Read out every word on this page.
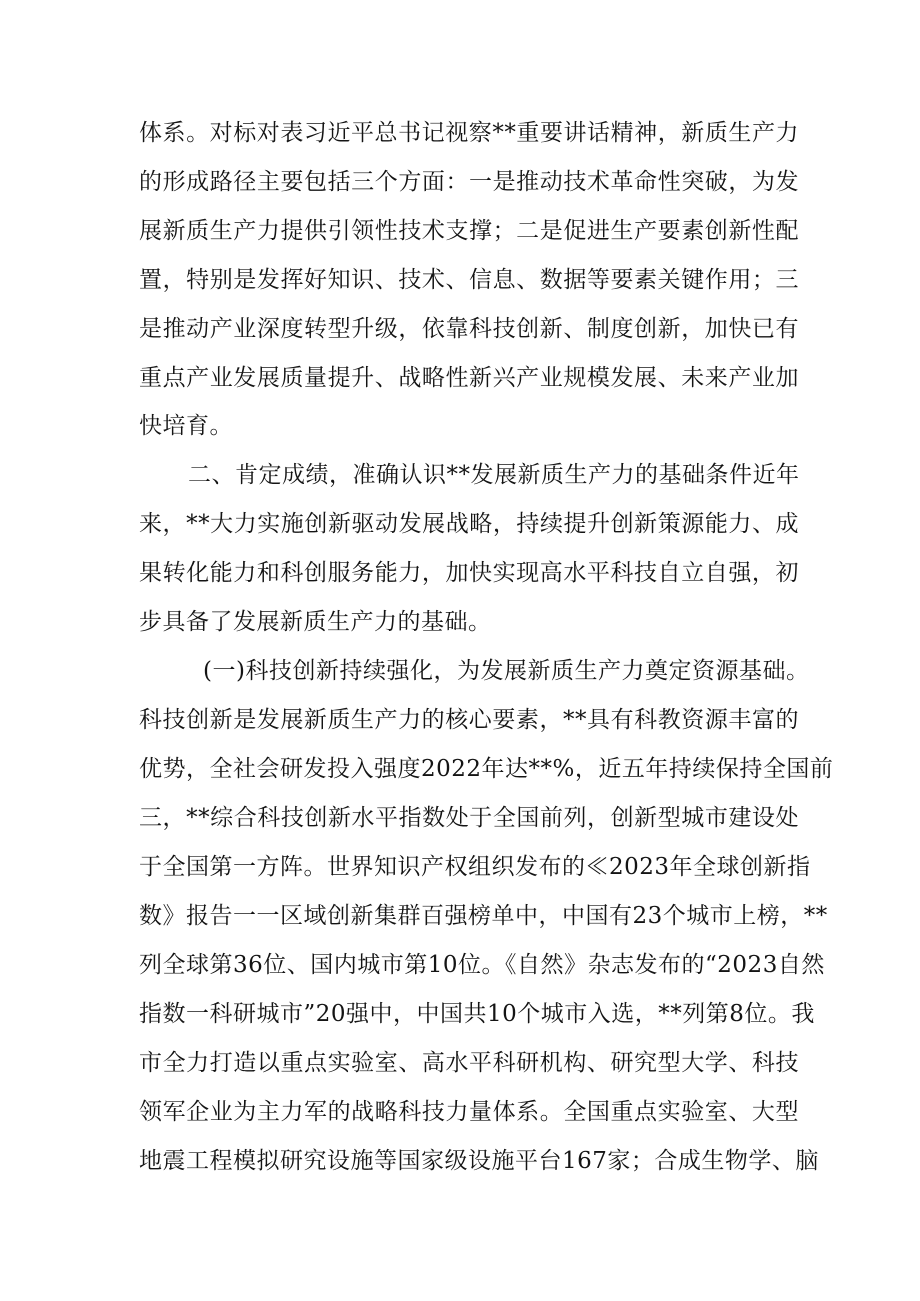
体系。对标对表习近平总书记视察**重要讲话精神，新质生产力
的形成路径主要包括三个方面：一是推动技术革命性突破，为发
展新质生产力提供引领性技术支撑；二是促进生产要素创新性配
置，特别是发挥好知识、技术、信息、数据等要素关键作用；三
是推动产业深度转型升级，依靠科技创新、制度创新，加快已有
重点产业发展质量提升、战略性新兴产业规模发展、未来产业加
快培育。
二、肯定成绩，准确认识**发展新质生产力的基础条件近年
来，**大力实施创新驱动发展战略，持续提升创新策源能力、成
果转化能力和科创服务能力，加快实现高水平科技自立自强，初
步具备了发展新质生产力的基础。
(一)科技创新持续强化，为发展新质生产力奠定资源基础。
科技创新是发展新质生产力的核心要素，**具有科教资源丰富的
优势，全社会研发投入强度2022年达**%，近五年持续保持全国前
三，**综合科技创新水平指数处于全国前列，创新型城市建设处
于全国第一方阵。世界知识产权组织发布的≪2023年全球创新指
数》报告一一区域创新集群百强榜单中，中国有23个城市上榜，**
列全球第36位、国内城市第10位。《自然》杂志发布的“2023自然
指数一科研城市”20强中，中国共10个城市入选，**列第8位。我
市全力打造以重点实验室、高水平科研机构、研究型大学、科技
领军企业为主力军的战略科技力量体系。全国重点实验室、大型
地震工程模拟研究设施等国家级设施平台167家；合成生物学、脑
